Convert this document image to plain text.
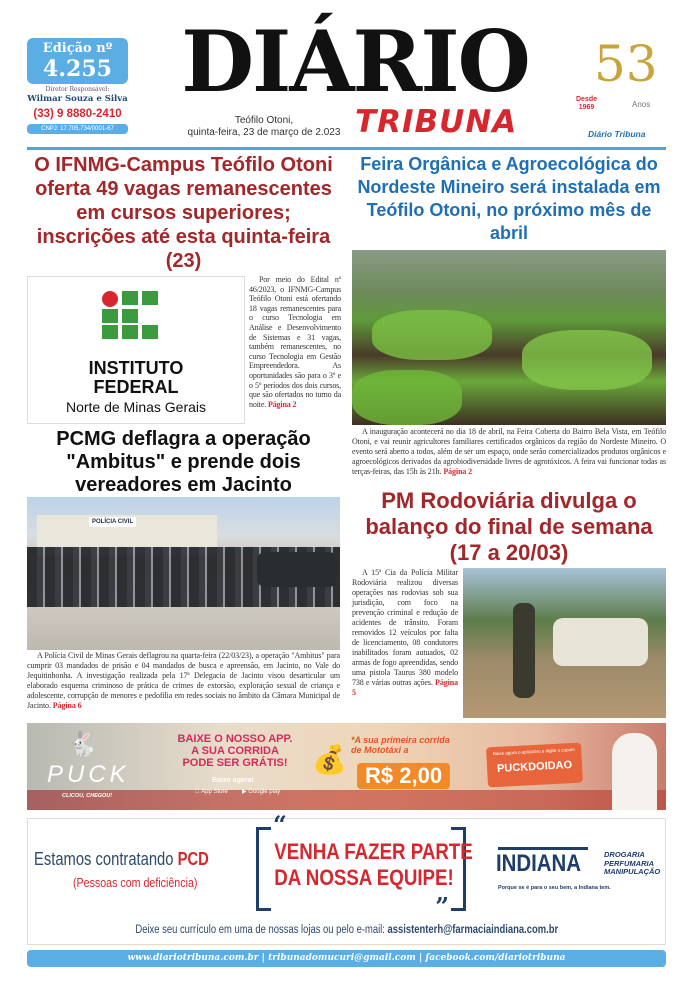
Edição nº
4.255
Diretor Responsável:
Wilmar Souza e Silva
(33) 9 8880-2410
CNPJ: 17.705.734/0001-67
DIÁRIO
TRIBUNA
Teófilo Otoni,
quinta-feira, 23 de março de 2.023
53
Desde
1969	Anos
Diário Tribuna
O IFNMG-Campus Teófilo Otoni oferta 49 vagas remanescentes em cursos superiores; inscrições até esta quinta-feira (23)
INSTITUTO
FEDERAL
Norte de Minas Gerais
Por meio do Edital nº 46/2023, o IFNMG-Campus Teófilo Otoni está ofertando 18 vagas remanescentes para o curso Tecnologia em Análise e Desenvolvimento de Sistemas e 31 vagas, também remanescentes, no curso Tecnologia em Gestão Empreendedora. As oportunidades são para o 3º e o 5º períodos dos dois cursos, que são ofertados no turno da noite. Página 2
Feira Orgânica e Agroecológica do Nordeste Mineiro será instalada em Teófilo Otoni, no próximo mês de abril
A inauguração acontecerá no dia 18 de abril, na Feira Coberta do Bairro Bela Vista, em Teófilo Otoni, e vai reunir agricultores familiares certificados orgânicos da região do Nordeste Mineiro. O evento será aberto a todos, além de ser um espaço, onde serão comercializados produtos orgânicos e agroecológicos derivados da agrobiodiversidade livres de agrotóxicos. A feira vai funcionar todas as terças-feiras, das 15h às 21h. Página 2
PCMG deflagra a operação "Ambitus" e prende dois vereadores em Jacinto
POLÍCIA CIVIL
A Polícia Civil de Minas Gerais deflagrou na quarta-feira (22/03/23), a operação "Ambitus" para cumprir 03 mandados de prisão e 04 mandados de busca e apreensão, em Jacinto, no Vale do Jequitinhonha. A investigação realizada pela 17ª Delegacia de Jacinto visou desarticular um elaborado esquema criminoso de prática de crimes de extorsão, exploração sexual de criança e adolescente, corrupção de menores e pedofilia em redes sociais no âmbito da Câmara Municipal de Jacinto. Página 6
PM Rodoviária divulga o balanço do final de semana (17 a 20/03)
A 15ª Cia da Polícia Militar Rodoviária realizou diversas operações nas rodovias sob sua jurisdição, com foco na prevenção criminal e redução de acidentes de trânsito. Foram removidos 12 veículos por falta de licenciamento, 08 condutores inabilitados foram autuados, 02 armas de fogo apreendidas, sendo uma pistola Taurus 380 modelo 738 e várias outras ações. Página 5
🐇
PUCK
CLICOU, CHEGOU!
BAIXE O NOSSO APP. A SUA CORRIDA PODE SER GRÁTIS!
Baixe agora!
App Store	▶ Google play
💰
*A sua primeira corrida de Mototáxi a
R$ 2,00
Baixe agora o aplicativo e digite o cupom
PUCKDOIDAO
Estamos contratando PCD
(Pessoas com deficiência)
“
”
VENHA FAZER PARTE
DA NOSSA EQUIPE!
INDIANA	DROGARIA
PERFUMARIA
MANIPULAÇÃO
Porque se é para o seu bem, a Indiana tem.
Deixe seu currículo em uma de nossas lojas ou pelo e-mail: assistenterh@farmaciaindiana.com.br
www.diariotribuna.com.br | tribunadomucuri@gmail.com | facebook.com/diariotribuna
